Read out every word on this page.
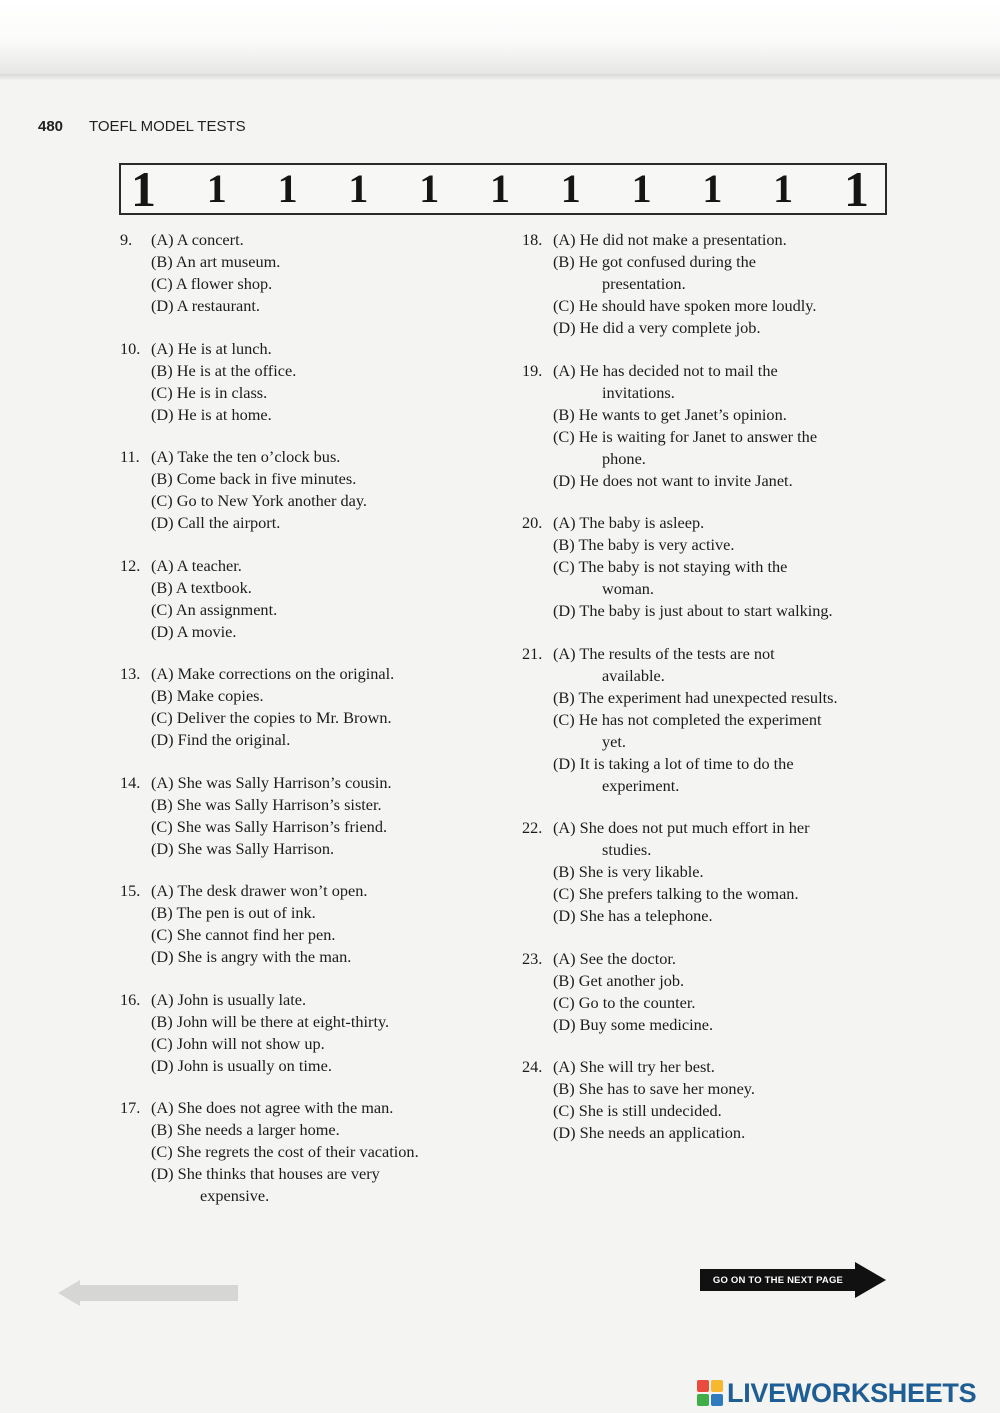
480 TOEFL MODEL TESTS
1 1 1 1 1 1 1 1 1 1 1
9. (A) A concert.
(B) An art museum.
(C) A flower shop.
(D) A restaurant.
10. (A) He is at lunch.
(B) He is at the office.
(C) He is in class.
(D) He is at home.
11. (A) Take the ten o’clock bus.
(B) Come back in five minutes.
(C) Go to New York another day.
(D) Call the airport.
12. (A) A teacher.
(B) A textbook.
(C) An assignment.
(D) A movie.
13. (A) Make corrections on the original.
(B) Make copies.
(C) Deliver the copies to Mr. Brown.
(D) Find the original.
14. (A) She was Sally Harrison’s cousin.
(B) She was Sally Harrison’s sister.
(C) She was Sally Harrison’s friend.
(D) She was Sally Harrison.
15. (A) The desk drawer won’t open.
(B) The pen is out of ink.
(C) She cannot find her pen.
(D) She is angry with the man.
16. (A) John is usually late.
(B) John will be there at eight-thirty.
(C) John will not show up.
(D) John is usually on time.
17. (A) She does not agree with the man.
(B) She needs a larger home.
(C) She regrets the cost of their vacation.
(D) She thinks that houses are very
expensive.
18. (A) He did not make a presentation.
(B) He got confused during the
presentation.
(C) He should have spoken more loudly.
(D) He did a very complete job.
19. (A) He has decided not to mail the
invitations.
(B) He wants to get Janet’s opinion.
(C) He is waiting for Janet to answer the
phone.
(D) He does not want to invite Janet.
20. (A) The baby is asleep.
(B) The baby is very active.
(C) The baby is not staying with the
woman.
(D) The baby is just about to start walking.
21. (A) The results of the tests are not
available.
(B) The experiment had unexpected results.
(C) He has not completed the experiment
yet.
(D) It is taking a lot of time to do the
experiment.
22. (A) She does not put much effort in her
studies.
(B) She is very likable.
(C) She prefers talking to the woman.
(D) She has a telephone.
23. (A) See the doctor.
(B) Get another job.
(C) Go to the counter.
(D) Buy some medicine.
24. (A) She will try her best.
(B) She has to save her money.
(C) She is still undecided.
(D) She needs an application.
GO ON TO THE NEXT PAGE
LIVEWORKSHEETS
